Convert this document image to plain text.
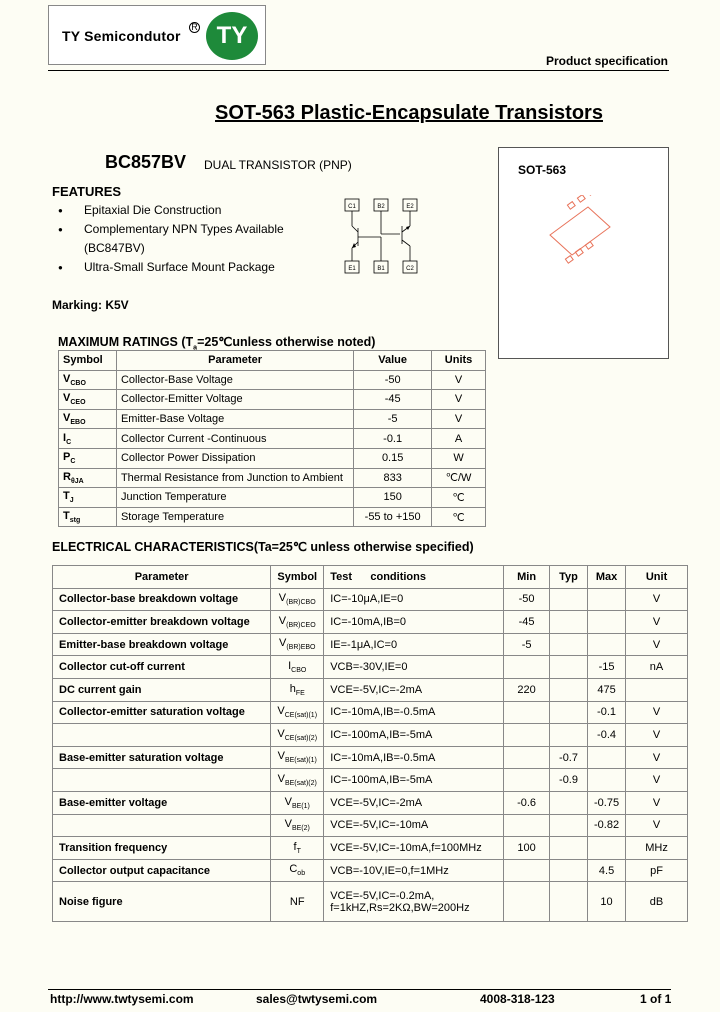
TY Semicondutor
R TY
Product specification
SOT-563 Plastic-Encapsulate Transistors
BC857BV DUAL TRANSISTOR (PNP)
FEATURES
● Epitaxial Die Construction
● Complementary NPN Types Available
(BC847BV)
● Ultra-Small Surface Mount Package
C1	B2	E2
E1	B1	C2
Marking: K5V
SOT-563
MAXIMUM RATINGS ($T_a=25℃unless$ otherwise noted)
Symbol	Parameter	Value	Units
$V_{CBO}$	Collector-Base Voltage	-50	V
$V_{CEO}$	Collector-Emitter Voltage	-45	V
$V_{EBO}$	Emitter-Base Voltage	-5	V
$I_C$	Collector Current -Continuous	-0.1	A
$P_C$	Collector Power Dissipation	0.15	W
$R_{\theta JA}$	Thermal Resistance from Junction to Ambient	833	℃/W
$T_J$	Junction Temperature	150	℃
$T_{stg}$	Storage Temperature	-55 to +150	℃
ELECTRICAL CHARACTERISTICS(Ta=25℃ unless otherwise specified)
Parameter	Symbol	Test      conditions	Min	Typ	Max	Unit
Collector-base breakdown voltage	$V_{(BR)CBO}$	IC=-10μA,IE=0	-50			V
Collector-emitter breakdown voltage	$V_{(BR)CEO}$	IC=-10mA,IB=0	-45			V
Emitter-base breakdown voltage	$V_{(BR)EBO}$	IE=-1μA,IC=0	-5			V
Collector cut-off current	$I_{CBO}$	VCB=-30V,IE=0			-15	nA
DC current gain	$h_{FE}$	VCE=-5V,IC=-2mA	220		475	
Collector-emitter saturation voltage	$V_{CE(sat)(1)}$	IC=-10mA,IB=-0.5mA			-0.1	V
	$V_{CE(sat)(2)}$	IC=-100mA,IB=-5mA			-0.4	V
Base-emitter saturation voltage	$V_{BE(sat)(1)}$	IC=-10mA,IB=-0.5mA		-0.7		V
	$V_{BE(sat)(2)}$	IC=-100mA,IB=-5mA		-0.9		V
Base-emitter voltage	$V_{BE(1)}$	VCE=-5V,IC=-2mA	-0.6		-0.75	V
	$V_{BE(2)}$	VCE=-5V,IC=-10mA			-0.82	V
Transition frequency	$f_T$	VCE=-5V,IC=-10mA,f=100MHz	100			MHz
Collector output capacitance	$C_{ob}$	VCB=-10V,IE=0,f=1MHz			4.5	pF
Noise figure	NF	VCE=-5V,IC=-0.2mA,
f=1kHZ,Rs=2KΩ,BW=200Hz			10	dB
http://www.twtysemi.com	sales@twtysemi.com	4008-318-123	1 of 1
